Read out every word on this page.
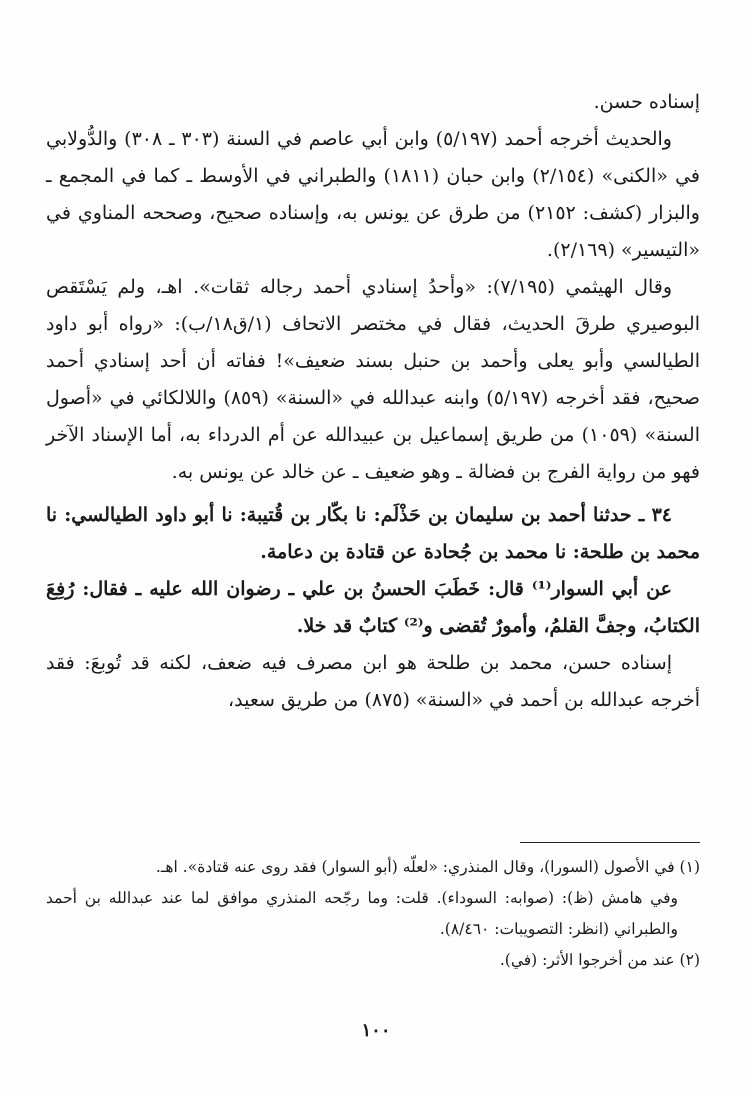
إسناده حسن.

والحديث أخرجه أحمد (٥/١٩٧) وابن أبي عاصم في السنة (٣٠٣ ـ ٣٠٨) والدُّولابي في «الكنى» (٢/١٥٤) وابن حبان (١٨١١) والطبراني في الأوسط ـ كما في المجمع ـ والبزار (كشف: ٢١٥٢) من طرق عن يونس به، وإسناده صحيح، وصححه المناوي في «التيسير» (٢/١٦٩).

وقال الهيثمي (٧/١٩٥): «وأحدُ إسنادي أحمد رجاله ثقات». اهـ، ولم يَسْتَقص البوصيري طرقَ الحديث، فقال في مختصر الاتحاف (١/ق١٨/ب): «رواه أبو داود الطيالسي وأبو يعلى وأحمد بن حنبل بسند ضعيف»! ففاته أن أحد إسنادي أحمد صحيح، فقد أخرجه (٥/١٩٧) وابنه عبدالله في «السنة» (٨٥٩) واللالكائي في «أصول السنة» (١٠٥٩) من طريق إسماعيل بن عبيدالله عن أم الدرداء به، أما الإسناد الآخر فهو من رواية الفرج بن فضالة ـ وهو ضعيف ـ عن خالد عن يونس به.

٣٤ ـ حدثنا أحمد بن سليمان بن حَذْلَم: نا بكّار بن قُتيبة: نا أبو داود الطيالسي: نا محمد بن طلحة: نا محمد بن جُحادة عن قتادة بن دعامة.

عن أبي السوار⁽¹⁾ قال: خَطَبَ الحسنُ بن علي ـ رضوان الله عليه ـ فقال: رُفِعَ الكتابُ، وجفَّ القلمُ، وأمورٌ تُقضى و⁽²⁾ كتابٌ قد خلا.

إسناده حسن، محمد بن طلحة هو ابن مصرف فيه ضعف، لكنه قد تُوبعَ: فقد أخرجه عبدالله بن أحمد في «السنة» (٨٧٥) من طريق سعيد،

(١) في الأصول (السورا)، وقال المنذري: «لعلّه (أبو السوار) فقد روى عنه قتادة». اهـ.

وفي هامش (ظ): (صوابه: السوداء). قلت: وما رجّحه المنذري موافق لما عند عبدالله بن أحمد والطبراني (انظر: التصويبات: ٨/٤٦٠).

(٢) عند من أخرجوا الأثر: (في).

١٠٠
